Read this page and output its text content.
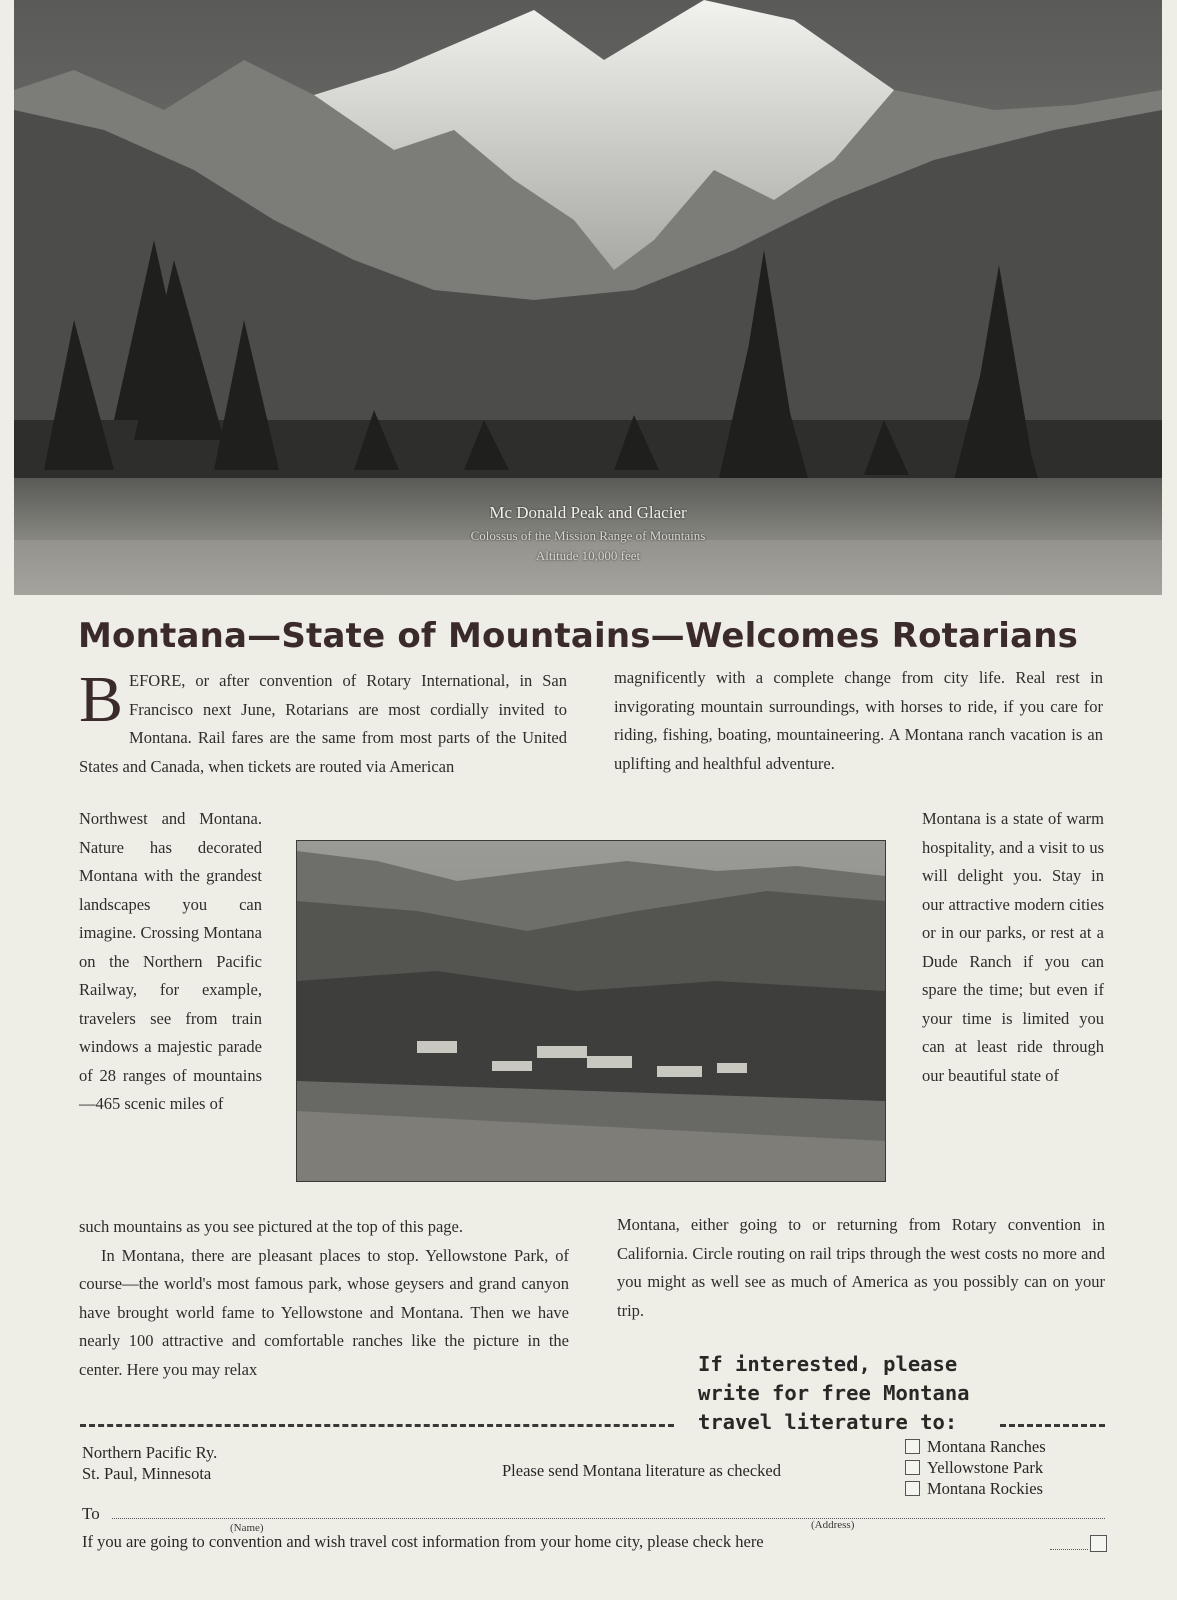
Mc Donald Peak and Glacier
Colossus of the Mission Range of Mountains
Altitude 10,000 feet
Montana—State of Mountains—Welcomes Rotarians
BEFORE, or after convention of Rotary International, in San Francisco next June, Rotarians are most cordially invited to Montana. Rail fares are the same from most parts of the United States and Canada, when tickets are routed via American
magnificently with a complete change from city life. Real rest in invigorating mountain surroundings, with horses to ride, if you care for riding, fishing, boating, mountaineering. A Montana ranch vacation is an uplifting and healthful adventure.
Northwest and Montana. Nature has decorated Montana with the grandest landscapes you can imagine. Crossing Montana on the Northern Pacific Railway, for example, travelers see from train windows a majestic parade of 28 ranges of mountains —465 scenic miles of
Montana is a state of warm hospitality, and a visit to us will delight you. Stay in our attractive modern cities or in our parks, or rest at a Dude Ranch if you can spare the time; but even if your time is limited you can at least ride through our beautiful state of

such mountains as you see pictured at the top of this page.

In Montana, there are pleasant places to stop. Yellowstone Park, of course—the world's most famous park, whose geysers and grand canyon have brought world fame to Yellowstone and Montana. Then we have nearly 100 attractive and comfortable ranches like the picture in the center. Here you may relax

Montana, either going to or returning from Rotary convention in California. Circle routing on rail trips through the west costs no more and you might as well see as much of America as you possibly can on your trip.
If interested, please
write for free Montana
travel literature to:
Northern Pacific Ry.
St. Paul, Minnesota	Please send Montana literature as checked
Montana Ranches
Yellowstone Park
Montana Rockies
To
(Name)	(Address)
If you are going to convention and wish travel cost information from your home city, please check here
